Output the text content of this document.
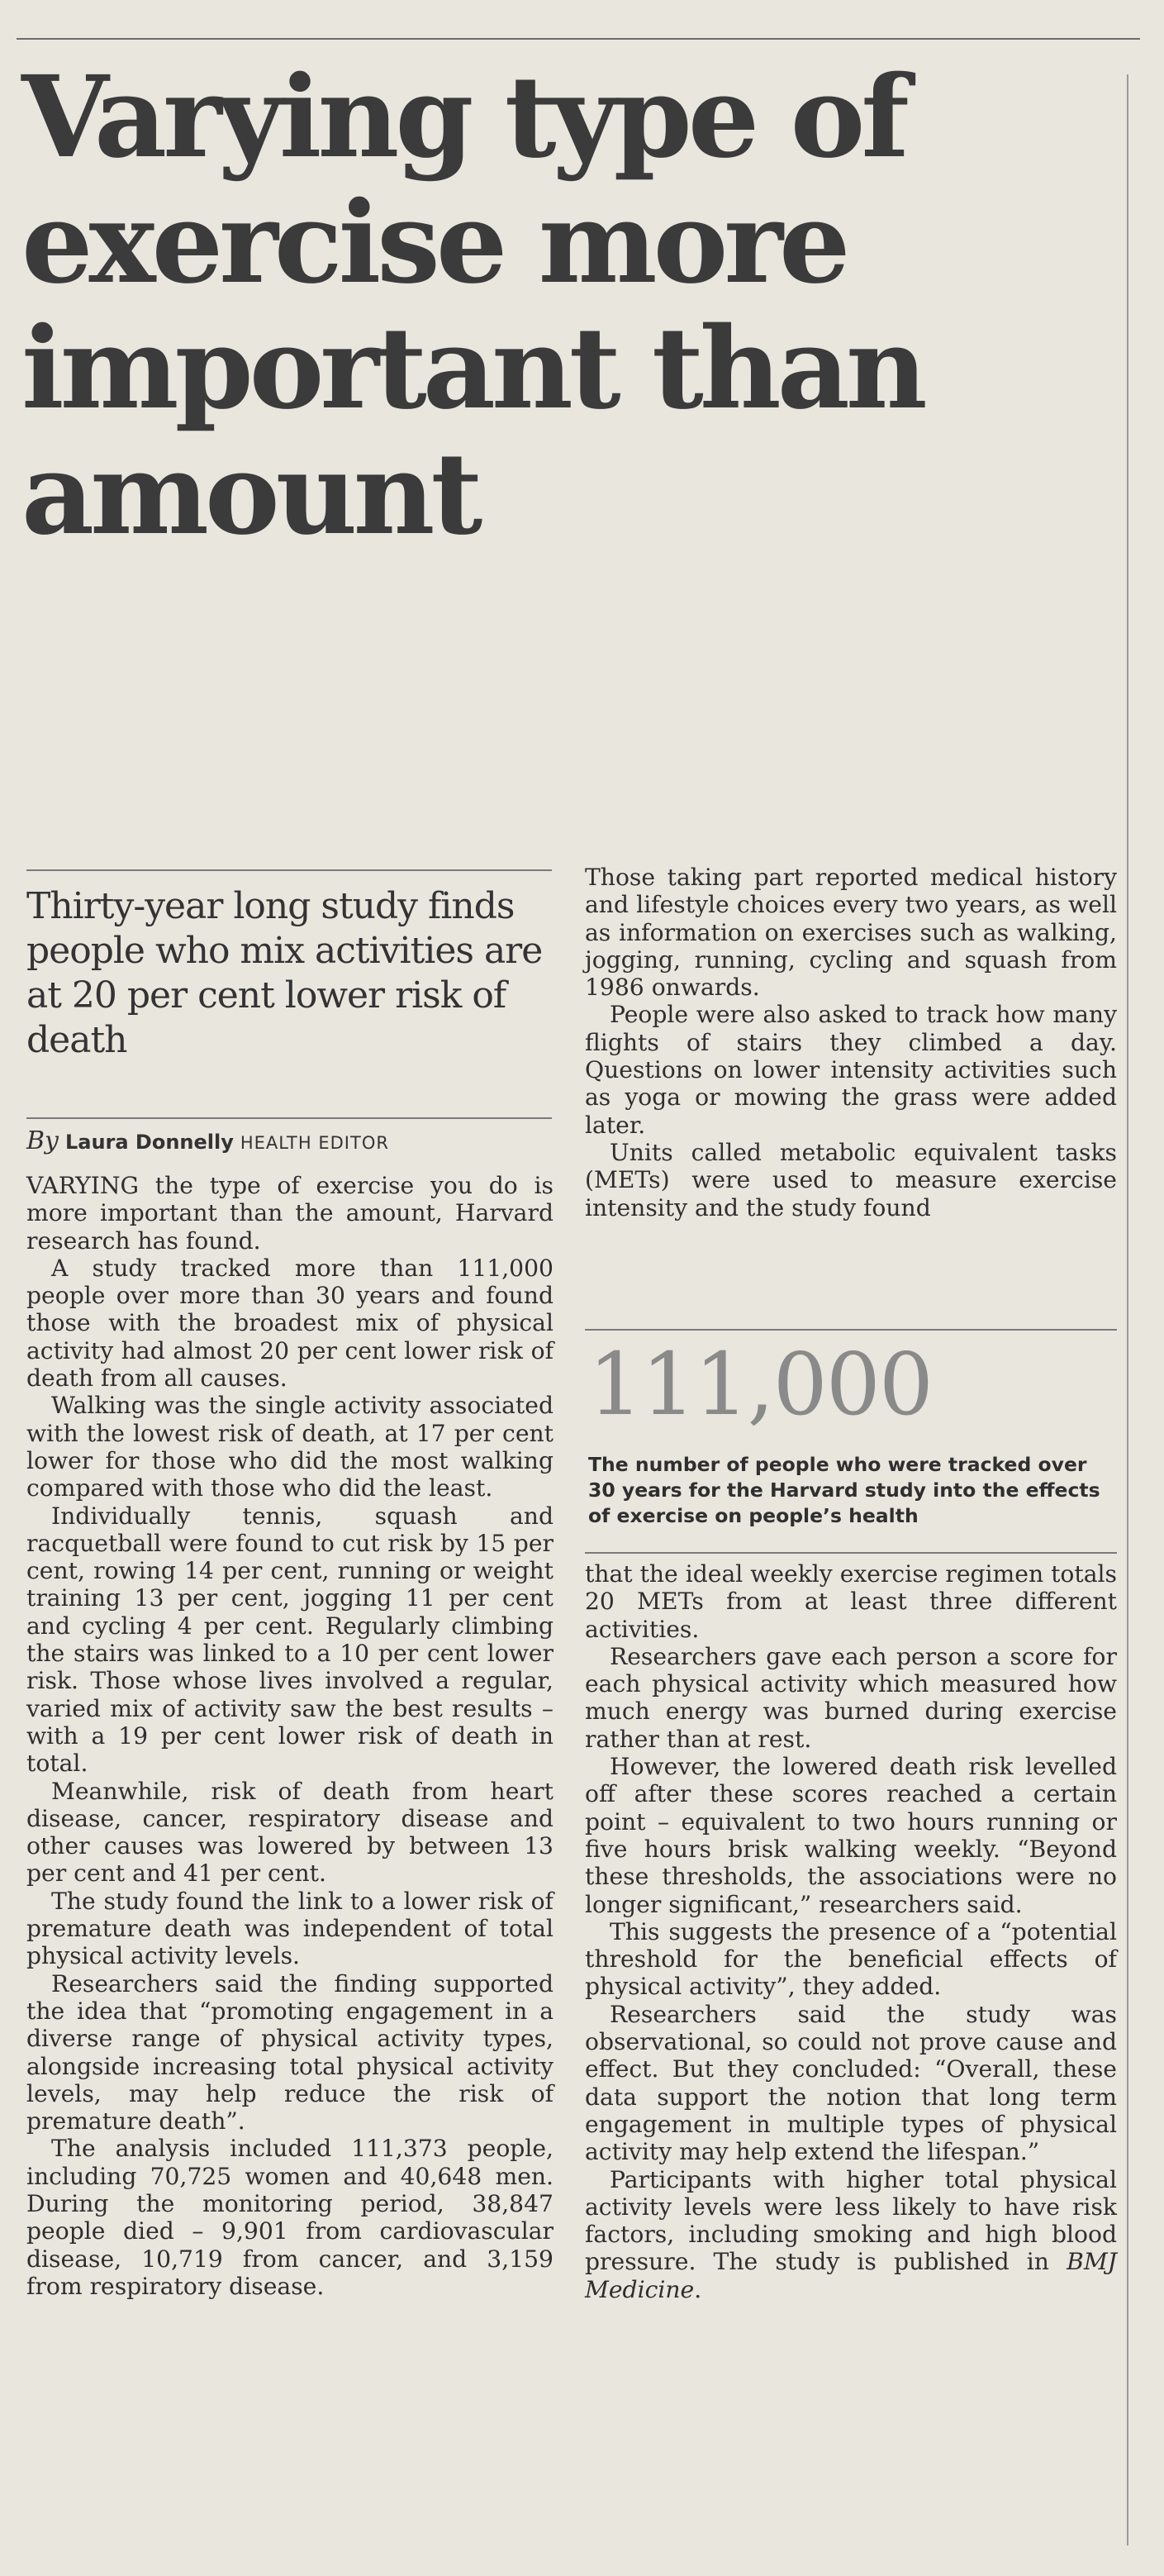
Varying type of exercise more important than amount
Thirty-year long study finds people who mix activities are at 20 per cent lower risk of death
By Laura Donnelly HEALTH EDITOR

VARYING the type of exercise you do is more important than the amount, Harvard research has found.

A study tracked more than 111,000 people over more than 30 years and found those with the broadest mix of physical activity had almost 20 per cent lower risk of death from all causes.

Walking was the single activity associated with the lowest risk of death, at 17 per cent lower for those who did the most walking compared with those who did the least.

Individually tennis, squash and racquetball were found to cut risk by 15 per cent, rowing 14 per cent, running or weight training 13 per cent, jogging 11 per cent and cycling 4 per cent. Regularly climbing the stairs was linked to a 10 per cent lower risk. Those whose lives involved a regular, varied mix of activity saw the best results – with a 19 per cent lower risk of death in total.

Meanwhile, risk of death from heart disease, cancer, respiratory disease and other causes was lowered by between 13 per cent and 41 per cent.

The study found the link to a lower risk of premature death was independent of total physical activity levels.

Researchers said the finding supported the idea that “promoting engagement in a diverse range of physical activity types, alongside increasing total physical activity levels, may help reduce the risk of premature death”.

The analysis included 111,373 people, including 70,725 women and 40,648 men. During the monitoring period, 38,847 people died – 9,901 from cardiovascular disease, 10,719 from cancer, and 3,159 from respiratory disease.

Those taking part reported medical history and lifestyle choices every two years, as well as information on exercises such as walking, jogging, running, cycling and squash from 1986 onwards.

People were also asked to track how many flights of stairs they climbed a day. Questions on lower intensity activities such as yoga or mowing the grass were added later.

Units called metabolic equivalent tasks (METs) were used to measure exercise intensity and the study found

111,000
The number of people who were tracked over 30 years for the Harvard study into the effects of exercise on people’s health

that the ideal weekly exercise regimen totals 20 METs from at least three different activities.

Researchers gave each person a score for each physical activity which measured how much energy was burned during exercise rather than at rest.

However, the lowered death risk levelled off after these scores reached a certain point – equivalent to two hours running or five hours brisk walking weekly. “Beyond these thresholds, the associations were no longer significant,” researchers said.

This suggests the presence of a “potential threshold for the beneficial effects of physical activity”, they added.

Researchers said the study was observational, so could not prove cause and effect. But they concluded: “Overall, these data support the notion that long term engagement in multiple types of physical activity may help extend the lifespan.”

Participants with higher total physical activity levels were less likely to have risk factors, including smoking and high blood pressure. The study is published in BMJ Medicine.
